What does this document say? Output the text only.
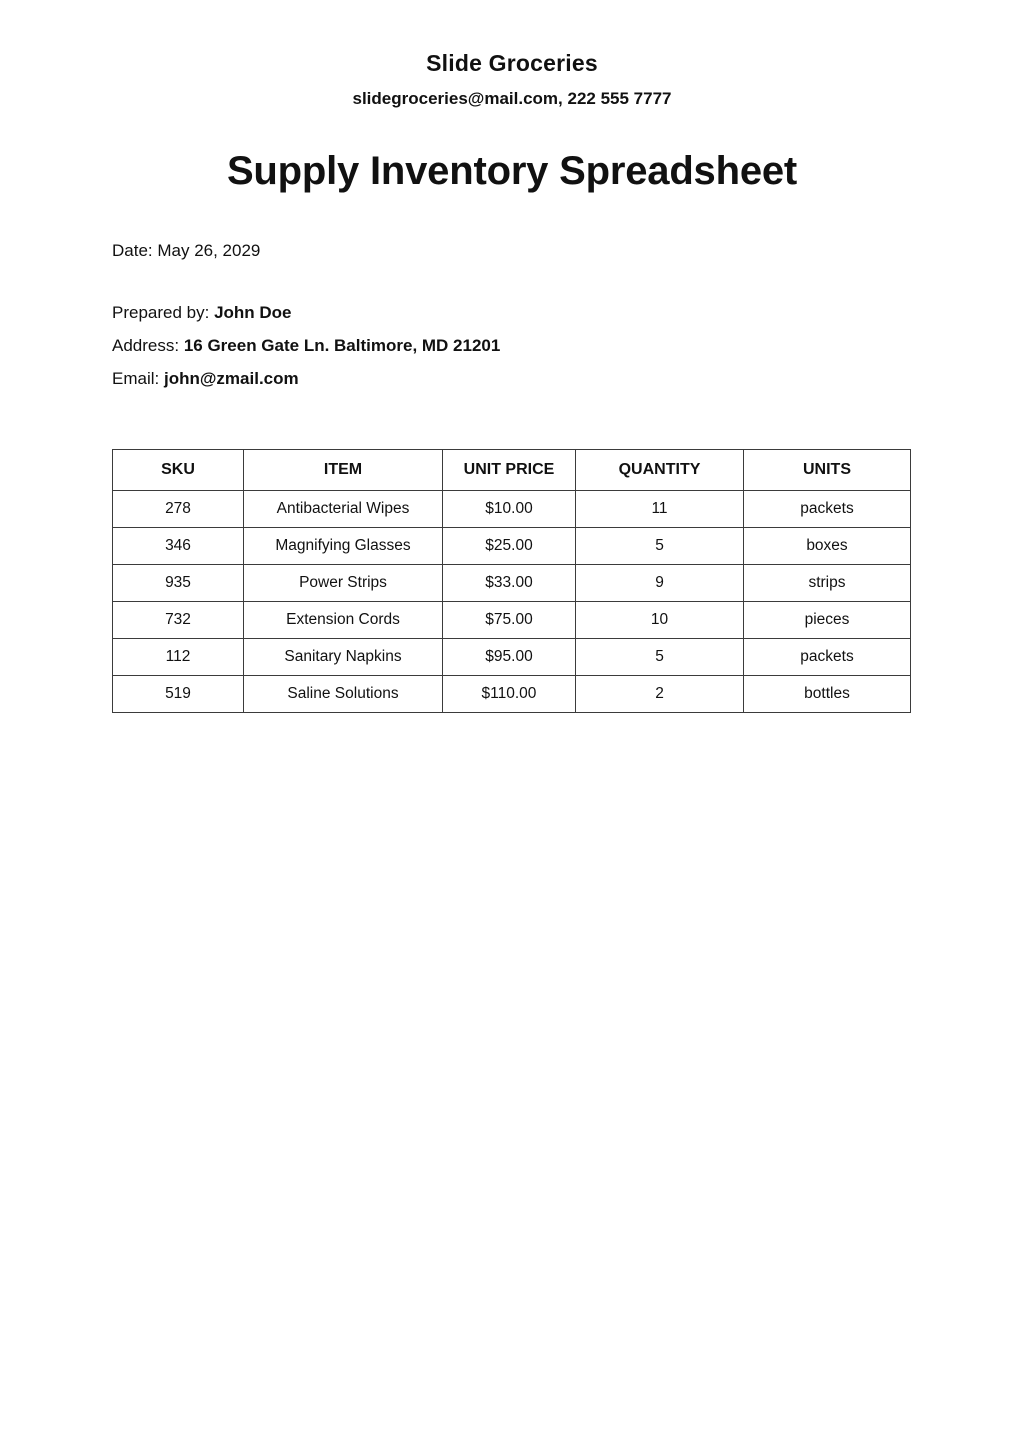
Slide Groceries
slidegroceries@mail.com, 222 555 7777
Supply Inventory Spreadsheet
Date: May 26, 2029
Prepared by: John Doe
Address: 16 Green Gate Ln. Baltimore, MD 21201
Email: john@zmail.com
SKU	ITEM	UNIT PRICE	QUANTITY	UNITS
278	Antibacterial Wipes	$10.00	11	packets
346	Magnifying Glasses	$25.00	5	boxes
935	Power Strips	$33.00	9	strips
732	Extension Cords	$75.00	10	pieces
112	Sanitary Napkins	$95.00	5	packets
519	Saline Solutions	$110.00	2	bottles
